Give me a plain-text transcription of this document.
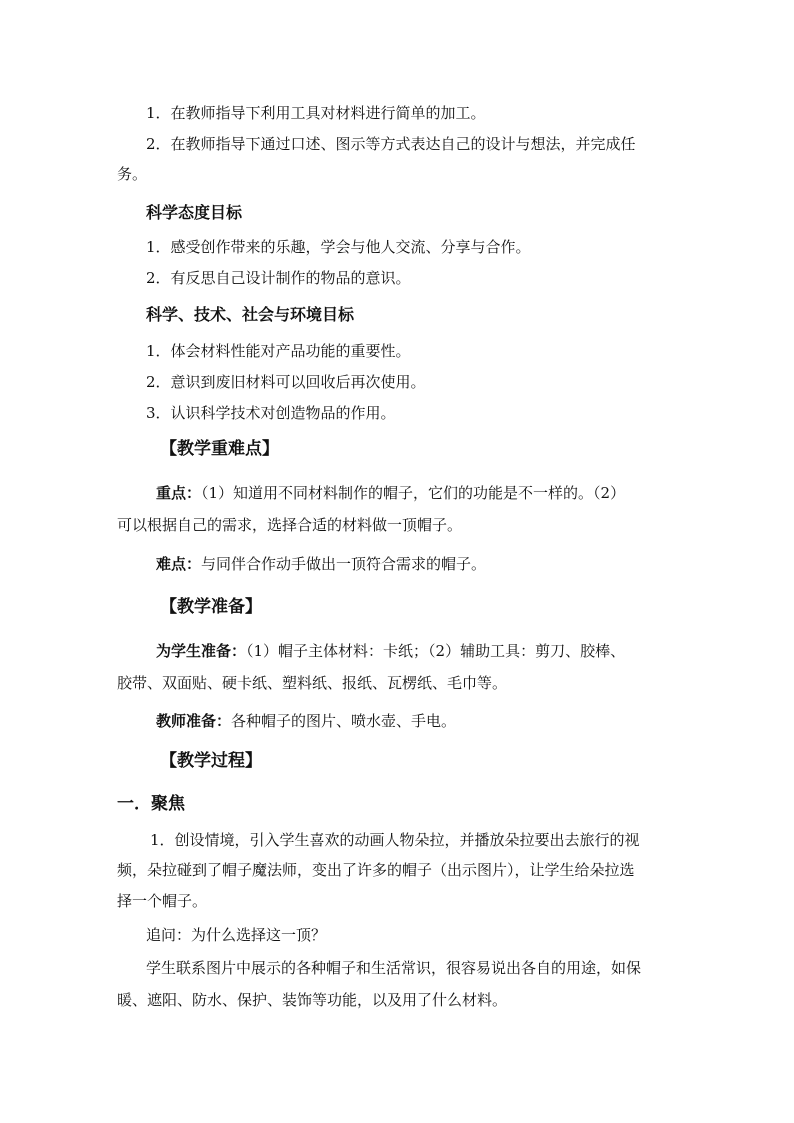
1．在教师指导下利用工具对材料进行简单的加工。
2．在教师指导下通过口述、图示等方式表达自己的设计与想法，并完成任
务。
科学态度目标
1．感受创作带来的乐趣，学会与他人交流、分享与合作。
2．有反思自己设计制作的物品的意识。
科学、技术、社会与环境目标
1．体会材料性能对产品功能的重要性。
2．意识到废旧材料可以回收后再次使用。
3．认识科学技术对创造物品的作用。
【教学重难点】
重点：（1）知道用不同材料制作的帽子，它们的功能是不一样的。（2）
可以根据自己的需求，选择合适的材料做一顶帽子。
难点：与同伴合作动手做出一顶符合需求的帽子。
【教学准备】
为学生准备：（1）帽子主体材料：卡纸；（2）辅助工具：剪刀、胶棒、
胶带、双面贴、硬卡纸、塑料纸、报纸、瓦楞纸、毛巾等。
教师准备：各种帽子的图片、喷水壶、手电。
【教学过程】
一．聚焦
1．创设情境，引入学生喜欢的动画人物朵拉，并播放朵拉要出去旅行的视
频，朵拉碰到了帽子魔法师，变出了许多的帽子（出示图片），让学生给朵拉选
择一个帽子。
追问：为什么选择这一顶？
学生联系图片中展示的各种帽子和生活常识，很容易说出各自的用途，如保
暖、遮阳、防水、保护、装饰等功能，以及用了什么材料。
